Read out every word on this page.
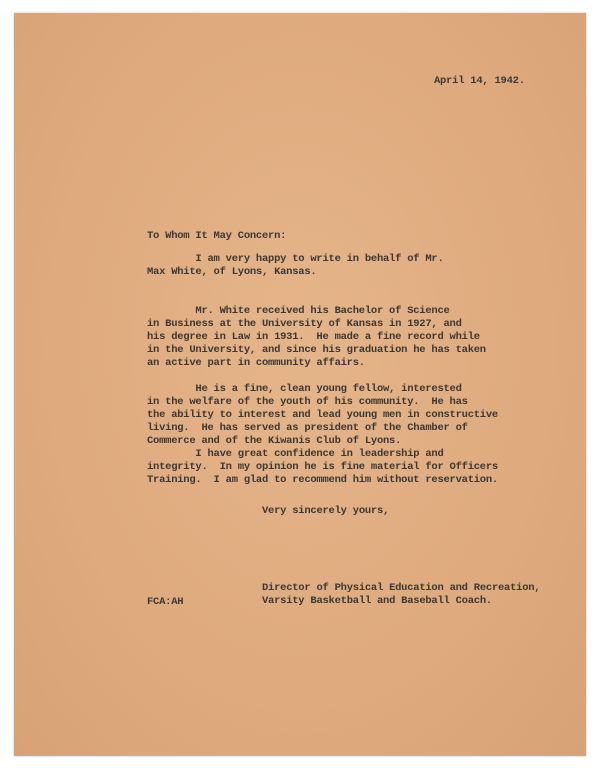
April 14, 1942.
To Whom It May Concern:
I am very happy to write in behalf of Mr.
Max White, of Lyons, Kansas.
Mr. White received his Bachelor of Science
in Business at the University of Kansas in 1927, and
his degree in Law in 1931.  He made a fine record while
in the University, and since his graduation he has taken
an active part in community affairs.
He is a fine, clean young fellow, interested
in the welfare of the youth of his community.  He has
the ability to interest and lead young men in constructive
living.  He has served as president of the Chamber of
Commerce and of the Kiwanis Club of Lyons.
I have great confidence in leadership and
integrity.  In my opinion he is fine material for Officers
Training.  I am glad to recommend him without reservation.
Very sincerely yours,
FCA:AH
Director of Physical Education and Recreation,
Varsity Basketball and Baseball Coach.
